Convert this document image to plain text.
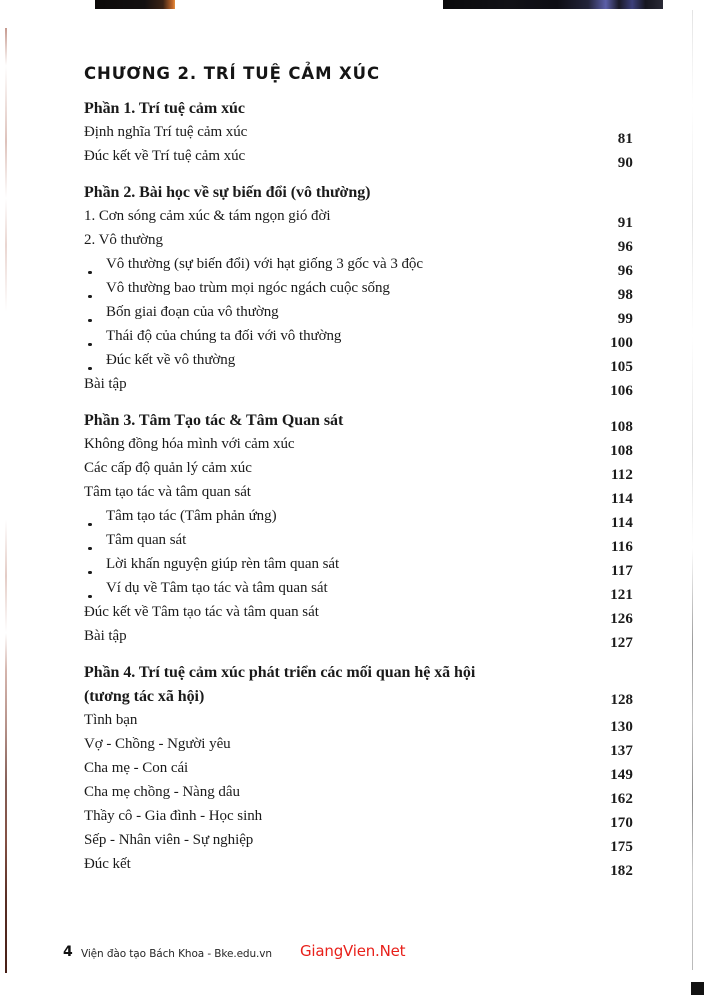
CHƯƠNG 2. TRÍ TUỆ CẢM XÚC
Phần 1. Trí tuệ cảm xúc
Định nghĩa Trí tuệ cảm xúc	81
Đúc kết về Trí tuệ cảm xúc	90
Phần 2. Bài học về sự biến đổi (vô thường)
1. Cơn sóng cảm xúc & tám ngọn gió đời	91
2. Vô thường	96
Vô thường (sự biến đổi) với hạt giống 3 gốc và 3 độc	96
Vô thường bao trùm mọi ngóc ngách cuộc sống	98
Bốn giai đoạn của vô thường	99
Thái độ của chúng ta đối với vô thường	100
Đúc kết về vô thường	105
Bài tập	106
Phần 3. Tâm Tạo tác & Tâm Quan sát	108
Không đồng hóa mình với cảm xúc	108
Các cấp độ quản lý cảm xúc	112
Tâm tạo tác và tâm quan sát	114
Tâm tạo tác (Tâm phản ứng)	114
Tâm quan sát	116
Lời khấn nguyện giúp rèn tâm quan sát	117
Ví dụ về Tâm tạo tác và tâm quan sát	121
Đúc kết về Tâm tạo tác và tâm quan sát	126
Bài tập	127
Phần 4. Trí tuệ cảm xúc phát triển các mối quan hệ xã hội
(tương tác xã hội)	128
Tình bạn	130
Vợ - Chồng - Người yêu	137
Cha mẹ - Con cái	149
Cha mẹ chồng - Nàng dâu	162
Thầy cô - Gia đình - Học sinh	170
Sếp - Nhân viên - Sự nghiệp	175
Đúc kết	182
4 Viện đào tạo Bách Khoa - Bke.edu.vn GiangVien.Net
